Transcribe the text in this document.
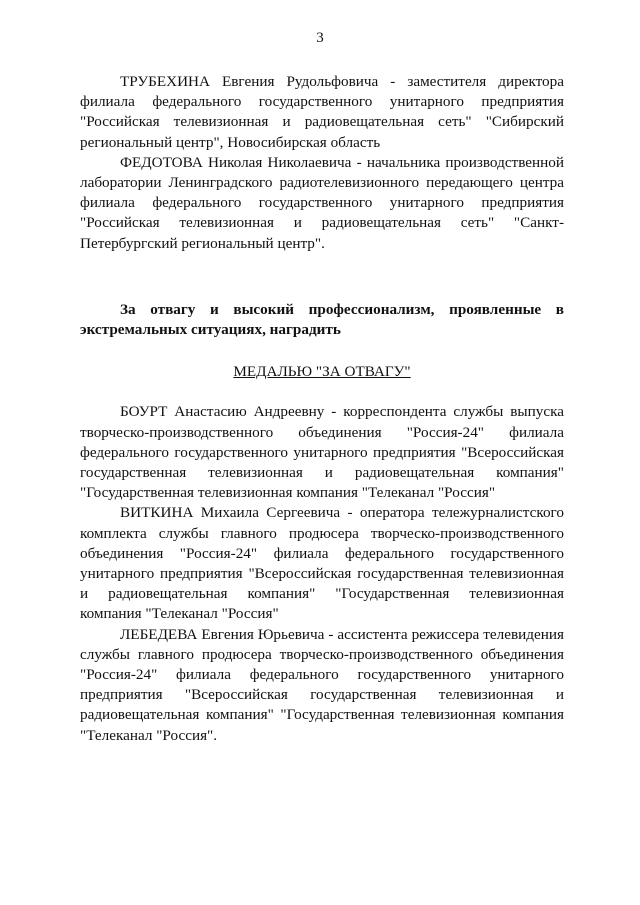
3

ТРУБЕХИНА Евгения Рудольфовича - заместителя директора филиала федерального государственного унитарного предприятия "Российская телевизионная и радиовещательная сеть" "Сибирский региональный центр", Новосибирская область

ФЕДОТОВА Николая Николаевича - начальника производственной лаборатории Ленинградского радиотелевизионного передающего центра филиала федерального государственного унитарного предприятия "Российская телевизионная и радиовещательная сеть" "Санкт-Петербургский региональный центр".

За отвагу и высокий профессионализм, проявленные в экстремальных ситуациях, наградить

МЕДАЛЬЮ "ЗА ОТВАГУ"

БОУРТ Анастасию Андреевну - корреспондента службы выпуска творческо-производственного объединения "Россия-24" филиала федерального государственного унитарного предприятия "Всероссийская государственная телевизионная и радиовещательная компания" "Государственная телевизионная компания "Телеканал "Россия"

ВИТКИНА Михаила Сергеевича - оператора тележурналистского комплекта службы главного продюсера творческо-производственного объединения "Россия-24" филиала федерального государственного унитарного предприятия "Всероссийская государственная телевизионная и радиовещательная компания" "Государственная телевизионная компания "Телеканал "Россия"

ЛЕБЕДЕВА Евгения Юрьевича - ассистента режиссера телевидения службы главного продюсера творческо-производственного объединения "Россия-24" филиала федерального государственного унитарного предприятия "Всероссийская государственная телевизионная и радиовещательная компания" "Государственная телевизионная компания "Телеканал "Россия".
